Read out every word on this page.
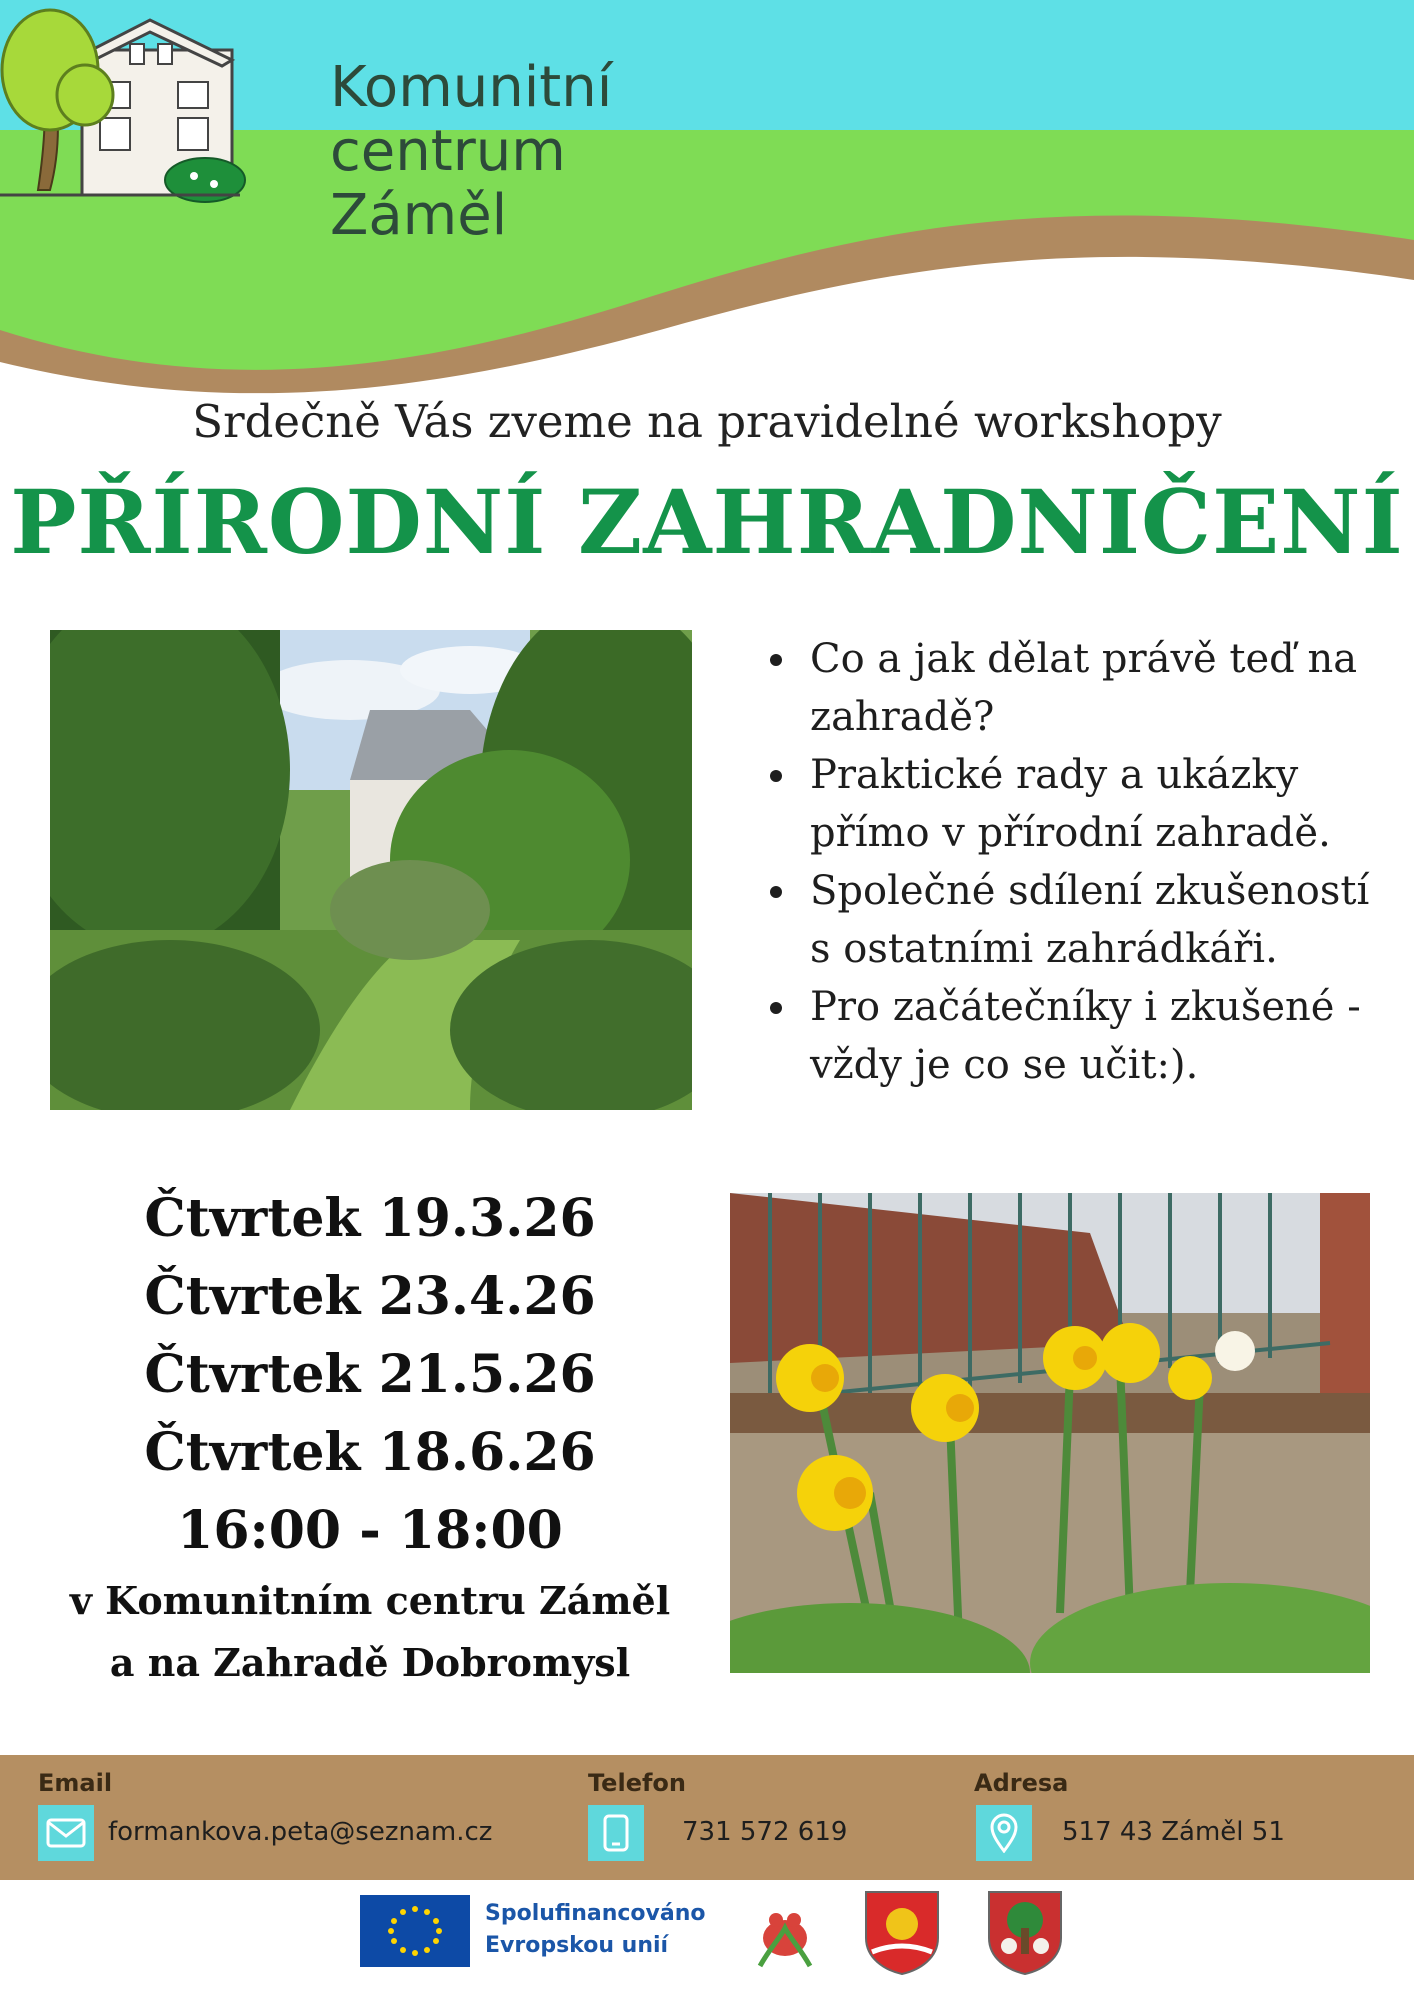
Komunitní
centrum
Záměl
Srdečně Vás zveme na pravidelné workshopy
PŘÍRODNÍ ZAHRADNIČENÍ
Co a jak dělat právě teď na zahradě?
Praktické rady a ukázky přímo v přírodní zahradě.
Společné sdílení zkušeností s ostatními zahrádkáři.
Pro začátečníky i zkušené - vždy je co se učit:).
Čtvrtek 19.3.26
Čtvrtek 23.4.26
Čtvrtek 21.5.26
Čtvrtek 18.6.26
16:00 - 18:00
v Komunitním centru Záměl
a na Zahradě Dobromysl
Email
formankova.peta@seznam.cz
Telefon
731 572 619
Adresa
517 43 Záměl 51
Spolufinancováno
Evropskou unií
